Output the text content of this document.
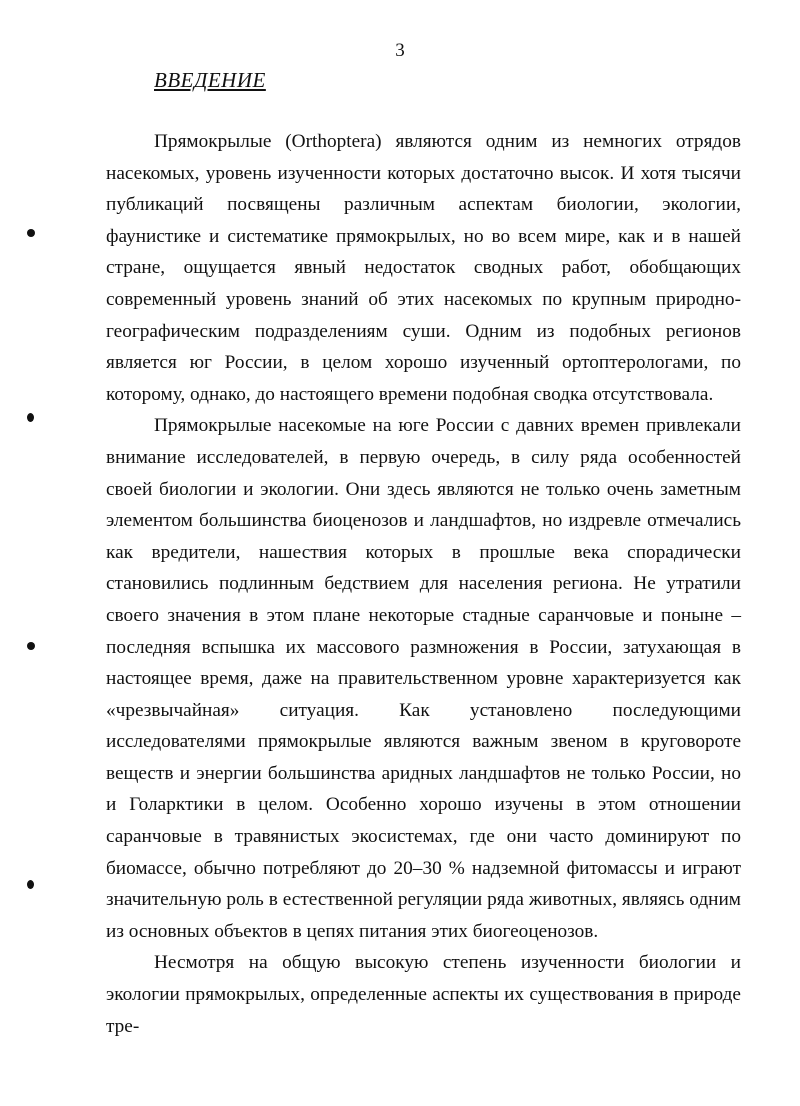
3
ВВЕДЕНИЕ

Прямокрылые (Orthoptera) являются одним из немногих отрядов насекомых, уровень изученности которых достаточно высок. И хотя тысячи публикаций посвящены различным аспектам биологии, экологии, фаунистике и систематике прямокрылых, но во всем мире, как и в нашей стране, ощущается явный недостаток сводных работ, обобщающих современный уровень знаний об этих насекомых по крупным природно-географическим подразделениям суши. Одним из подобных регионов является юг России, в целом хорошо изученный ортоптерологами, по которому, однако, до настоящего времени подобная сводка отсутствовала.

Прямокрылые насекомые на юге России с давних времен привлекали внимание исследователей, в первую очередь, в силу ряда особенностей своей биологии и экологии. Они здесь являются не только очень заметным элементом большинства биоценозов и ландшафтов, но издревле отмечались как вредители, нашествия которых в прошлые века спорадически становились подлинным бедствием для населения региона. Не утратили своего значения в этом плане некоторые стадные саранчовые и поныне – последняя вспышка их массового размножения в России, затухающая в настоящее время, даже на правительственном уровне характеризуется как «чрезвычайная» ситуация. Как установлено последующими исследователями прямокрылые являются важным звеном в круговороте веществ и энергии большинства аридных ландшафтов не только России, но и Голарктики в целом. Особенно хорошо изучены в этом отношении саранчовые в травянистых экосистемах, где они часто доминируют по биомассе, обычно потребляют до 20–30 % надземной фитомассы и играют значительную роль в естественной регуляции ряда животных, являясь одним из основных объектов в цепях питания этих биогеоценозов.

Несмотря на общую высокую степень изученности биологии и экологии прямокрылых, определенные аспекты их существования в природе тре-
